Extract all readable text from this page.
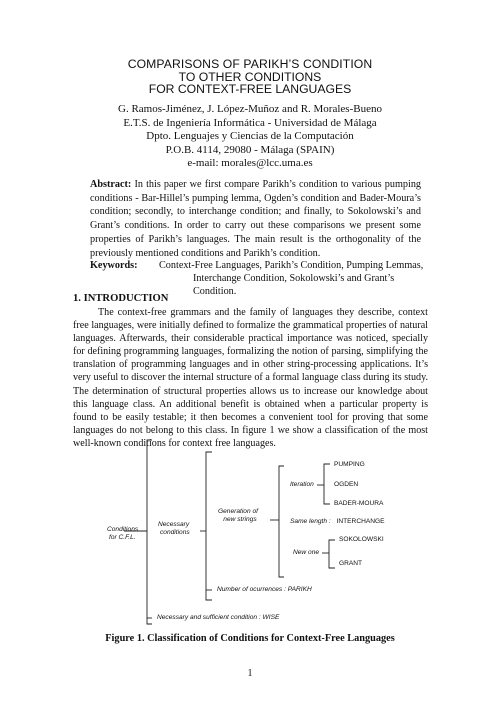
COMPARISONS OF PARIKH’S CONDITION
TO OTHER CONDITIONS
FOR CONTEXT-FREE LANGUAGES
G. Ramos-Jiménez, J. López-Muñoz and R. Morales-Bueno
E.T.S. de Ingeniería Informática - Universidad de Málaga
Dpto. Lenguajes y Ciencias de la Computación
P.O.B. 4114, 29080 - Málaga (SPAIN)
e-mail: morales@lcc.uma.es
Abstract: In this paper we first compare Parikh’s condition to various pumping conditions - Bar-Hillel’s pumping lemma, Ogden’s condition and Bader-Moura’s condition; secondly, to interchange condition; and finally, to Sokolowski’s and Grant’s conditions. In order to carry out these comparisons we present some properties of Parikh’s languages. The main result is the orthogonality of the previously mentioned conditions and Parikh’s condition.
Keywords:	Context-Free Languages, Parikh’s Condition, Pumping Lemmas,
Interchange Condition, Sokolowski’s and Grant’s Condition.
1. INTRODUCTION
The context-free grammars and the family of languages they describe, context free languages, were initially defined to formalize the grammatical properties of natural languages. Afterwards, their considerable practical importance was noticed, specially for defining programming languages, formalizing the notion of parsing, simplifying the translation of programming languages and in other string-processing applications. It’s very useful to discover the internal structure of a formal language class during its study. The determination of structural properties allows us to increase our knowledge about this language class. An additional benefit is obtained when a particular property is found to be easily testable; it then becomes a convenient tool for proving that some languages do not belong to this class. In figure 1 we show a classification of the most well-known conditions for context free languages.
Conditions
for C.F.L.
Necessary
conditions
Generation of
new strings
Iteration
PUMPING
OGDEN
BADER-MOURA
Same length : INTERCHANGE
New one
SOKOLOWSKI
GRANT
Number of ocurrences : PARIKH
Necessary and sufficient condition : WISE
Figure 1. Classification of Conditions for Context-Free Languages
1
